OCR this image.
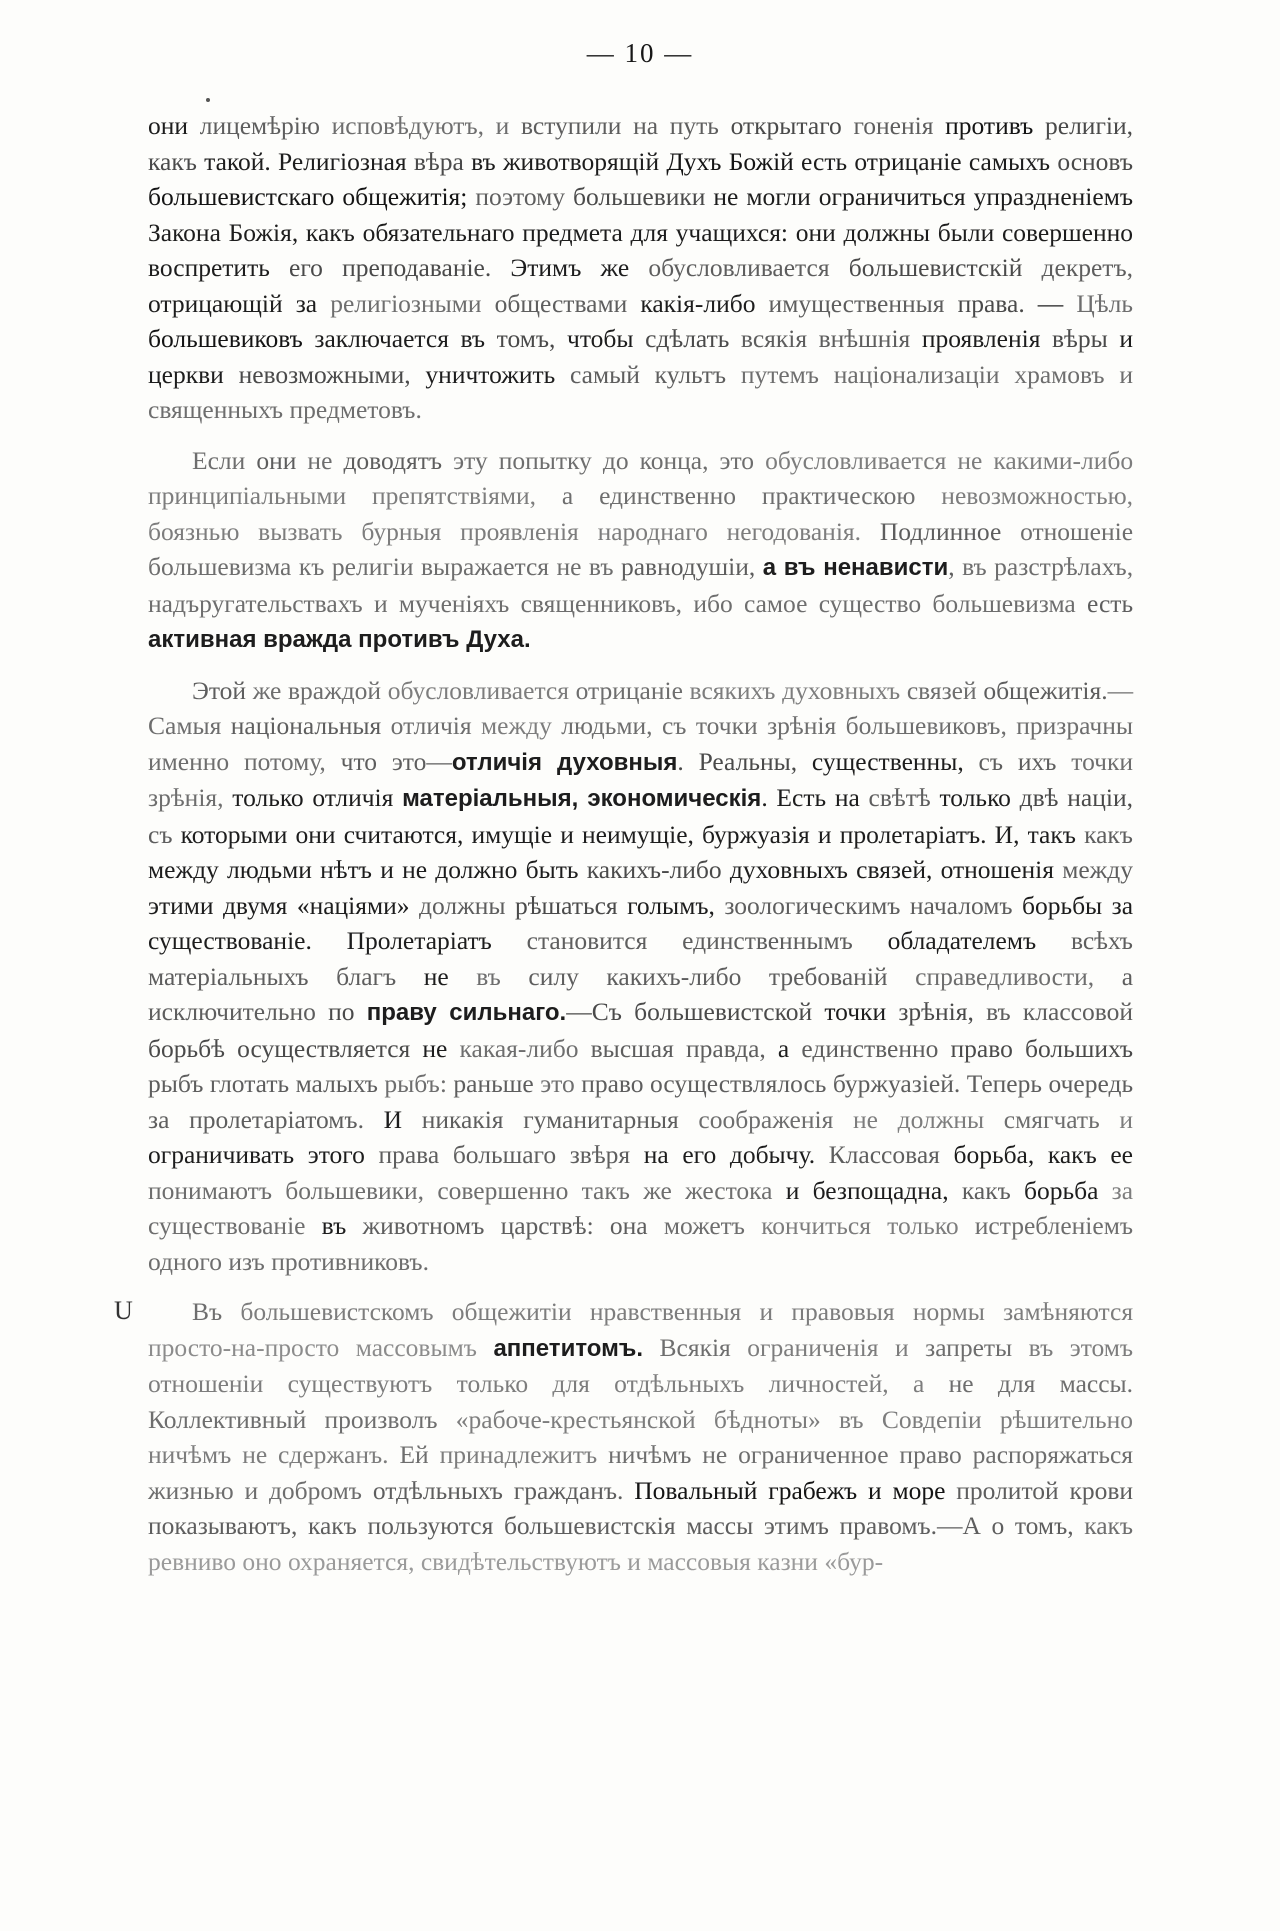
— 10 —

они лицемѣрію исповѣдуютъ, и вступили на путь открытаго гоненія противъ религіи, какъ такой. Религіозная вѣра въ животворящій Духъ Божій есть отрицаніе самыхъ основъ большевистскаго общежитія; поэтому большевики не могли ограничиться упраздненіемъ Закона Божія, какъ обязательнаго предмета для учащихся: они должны были совершенно воспретить его преподаваніе. Этимъ же обусловливается большевистскій декретъ, отрицающій за религіозными обществами какія-либо имущественныя права. — Цѣль большевиковъ заключается въ томъ, чтобы сдѣлать всякія внѣшнія проявленія вѣры и церкви невозможными, уничтожить самый культъ путемъ націонализаціи храмовъ и священныхъ предметовъ.

Если они не доводятъ эту попытку до конца, это обусловливается не какими-либо принципіальными препятствіями, а единственно практическою невозможностью, боязнью вызвать бурныя проявленія народнаго негодованія. Подлинное отношеніе большевизма къ религіи выражается не въ равнодушіи, а въ ненависти, въ разстрѣлахъ, надъругательствахъ и мученіяхъ священниковъ, ибо самое существо большевизма есть активная вражда противъ Духа.

Этой же враждой обусловливается отрицаніе всякихъ духовныхъ связей общежитія.—Самыя національныя отличія между людьми, съ точки зрѣнія большевиковъ, призрачны именно потому, что это—отличія духовныя. Реальны, существенны, съ ихъ точки зрѣнія, только отличія матеріальныя, экономическія. Есть на свѣтѣ только двѣ націи, съ которыми они считаются, имущіе и неимущіе, буржуазія и пролетаріатъ. И, такъ какъ между людьми нѣтъ и не должно быть какихъ-либо духовныхъ связей, отношенія между этими двумя «націями» должны рѣшаться голымъ, зоологическимъ началомъ борьбы за существованіе. Пролетаріатъ становится единственнымъ обладателемъ всѣхъ матеріальныхъ благъ не въ силу какихъ-либо требованій справедливости, а исключительно по праву сильнаго.—Съ большевистской точки зрѣнія, въ классовой борьбѣ осуществляется не какая-либо высшая правда, а единственно право большихъ рыбъ глотать малыхъ рыбъ: раньше это право осуществлялось буржуазіей. Теперь очередь за пролетаріатомъ. И никакія гуманитарныя соображенія не должны смягчать и ограничивать этого права большаго звѣря на его добычу. Классовая борьба, какъ ее понимаютъ большевики, совершенно такъ же жестока и безпощадна, какъ борьба за существованіе въ животномъ царствѣ: она можетъ кончиться только истребленіемъ одного изъ противниковъ.

U	Въ большевистскомъ общежитіи нравственныя и правовыя нормы замѣняются просто-на-просто массовымъ аппетитомъ. Всякія ограниченія и запреты въ этомъ отношеніи существуютъ только для отдѣльныхъ личностей, а не для массы. Коллективный произволъ «рабоче-крестьянской бѣдноты» въ Совдепіи рѣшительно ничѣмъ не сдержанъ. Ей принадлежитъ ничѣмъ не ограниченное право распоряжаться жизнью и добромъ отдѣльныхъ гражданъ. Повальный грабежъ и море пролитой крови показываютъ, какъ пользуются большевистскія массы этимъ правомъ.—А о томъ, какъ ревниво оно охраняется, свидѣтельствуютъ и массовыя казни «бур-
